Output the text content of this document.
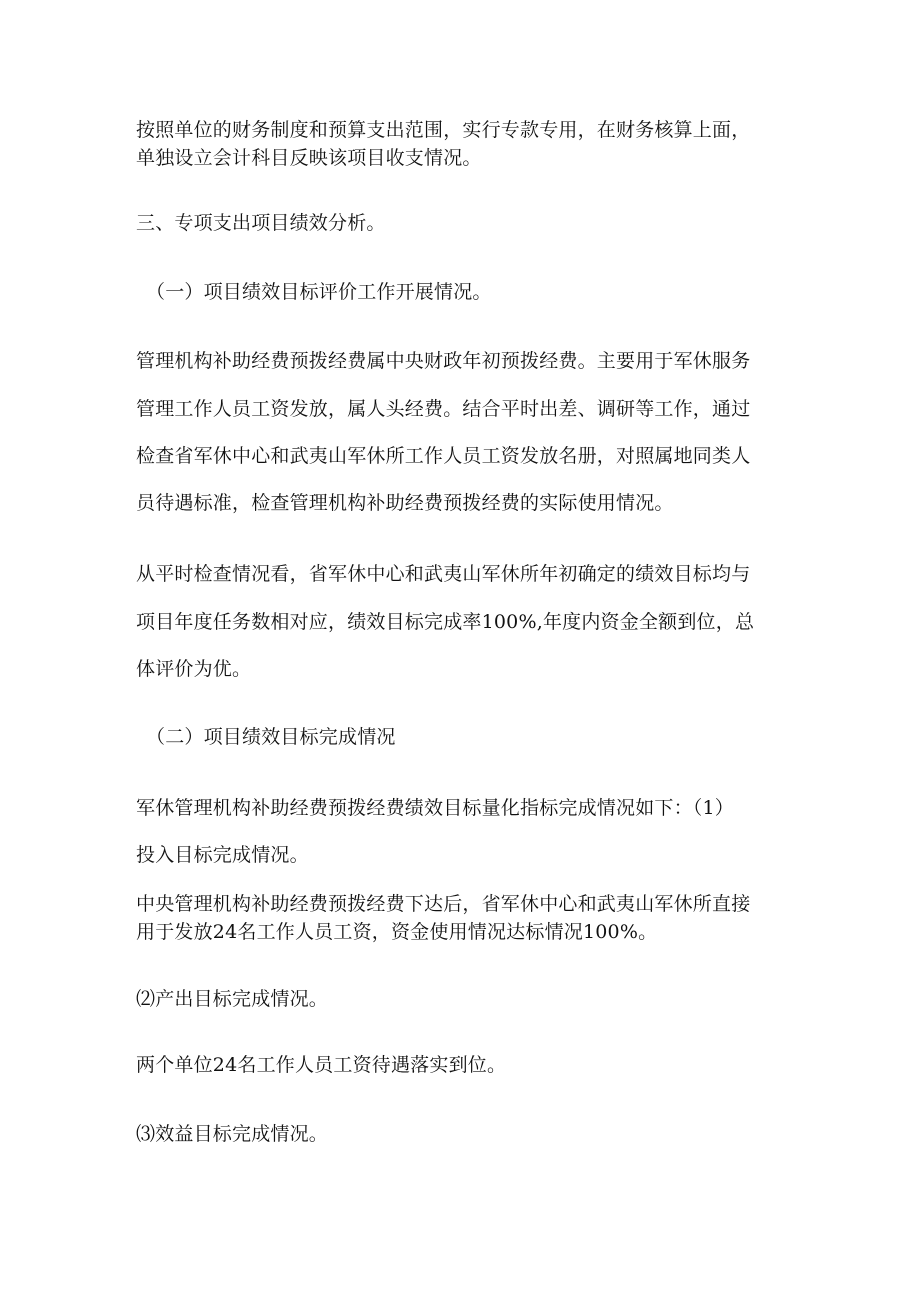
按照单位的财务制度和预算支出范围，实行专款专用，在财务核算上面，
单独设立会计科目反映该项目收支情况。
三、专项支出项目绩效分析。
（一）项目绩效目标评价工作开展情况。
管理机构补助经费预拨经费属中央财政年初预拨经费。主要用于军休服务
管理工作人员工资发放，属人头经费。结合平时出差、调研等工作，通过
检查省军休中心和武夷山军休所工作人员工资发放名册，对照属地同类人
员待遇标准，检查管理机构补助经费预拨经费的实际使用情况。
从平时检查情况看，省军休中心和武夷山军休所年初确定的绩效目标均与
项目年度任务数相对应，绩效目标完成率100%,年度内资金全额到位，总
体评价为优。
（二）项目绩效目标完成情况
军休管理机构补助经费预拨经费绩效目标量化指标完成情况如下：（1）
投入目标完成情况。
中央管理机构补助经费预拨经费下达后，省军休中心和武夷山军休所直接
用于发放24名工作人员工资，资金使用情况达标情况100%。
⑵产出目标完成情况。
两个单位24名工作人员工资待遇落实到位。
⑶效益目标完成情况。
